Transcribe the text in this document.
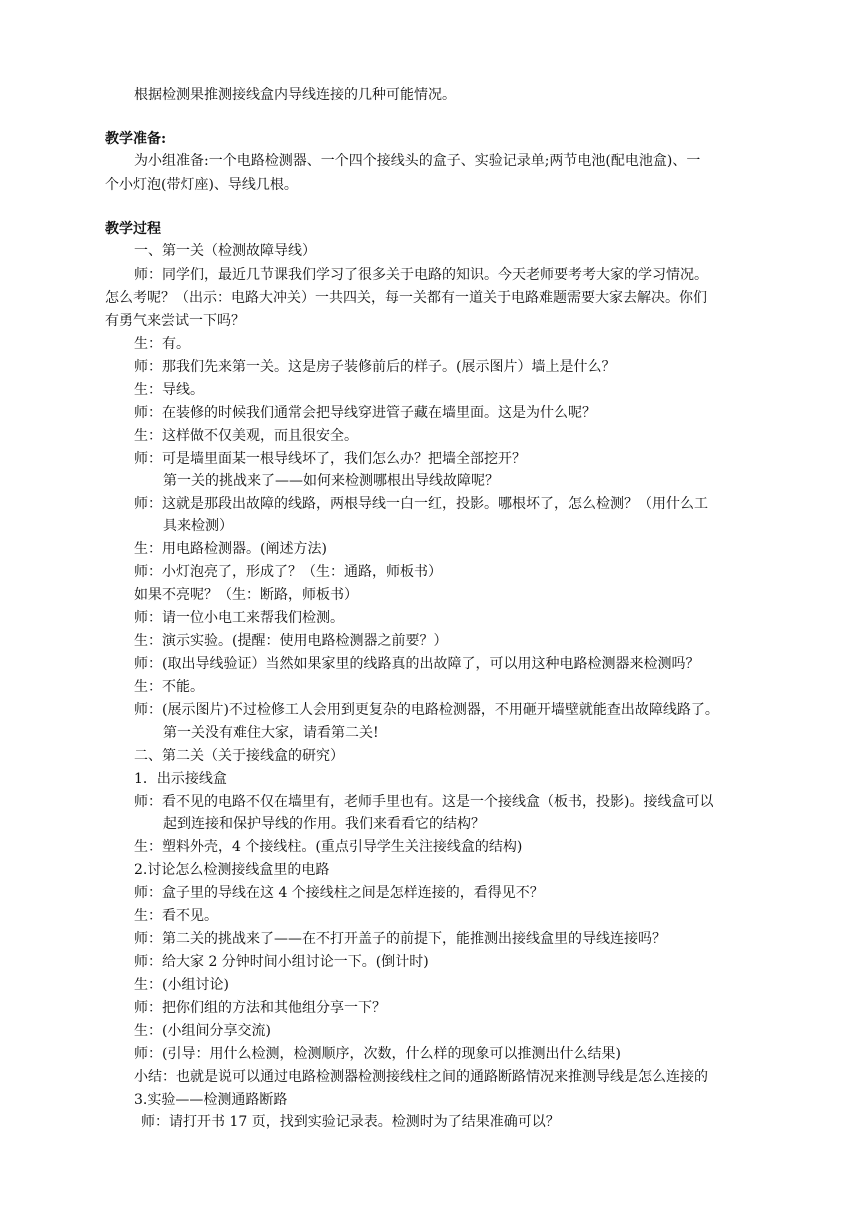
根据检测果推测接线盒内导线连接的几种可能情况。
教学准备:
为小组准备:一个电路检测器、一个四个接线头的盒子、实验记录单;两节电池(配电池盒)、一
个小灯泡(带灯座)、导线几根。
教学过程
一、第一关（检测故障导线）
师：同学们，最近几节课我们学习了很多关于电路的知识。今天老师要考考大家的学习情况。
怎么考呢？（出示：电路大冲关）一共四关，每一关都有一道关于电路难题需要大家去解决。你们
有勇气来尝试一下吗？
生：有。
师：那我们先来第一关。这是房子装修前后的样子。(展示图片）墙上是什么？
生：导线。
师：在装修的时候我们通常会把导线穿进管子藏在墙里面。这是为什么呢？
生：这样做不仅美观，而且很安全。
师：可是墙里面某一根导线坏了，我们怎么办？把墙全部挖开？
第一关的挑战来了——如何来检测哪根出导线故障呢？
师：这就是那段出故障的线路，两根导线一白一红，投影。哪根坏了，怎么检测？（用什么工
具来检测）
生：用电路检测器。(阐述方法)
师：小灯泡亮了，形成了？（生：通路，师板书）
如果不亮呢？（生：断路，师板书）
师：请一位小电工来帮我们检测。
生：演示实验。(提醒：使用电路检测器之前要？）
师：(取出导线验证）当然如果家里的线路真的出故障了，可以用这种电路检测器来检测吗？
生：不能。
师：(展示图片)不过检修工人会用到更复杂的电路检测器，不用砸开墙壁就能查出故障线路了。
第一关没有难住大家，请看第二关!
二、第二关（关于接线盒的研究）
1．出示接线盒
师：看不见的电路不仅在墙里有，老师手里也有。这是一个接线盒（板书，投影)。接线盒可以
起到连接和保护导线的作用。我们来看看它的结构？
生：塑料外壳，4 个接线柱。(重点引导学生关注接线盒的结构)
2.讨论怎么检测接线盒里的电路
师：盒子里的导线在这 4 个接线柱之间是怎样连接的，看得见不？
生：看不见。
师：第二关的挑战来了——在不打开盖子的前提下，能推测出接线盒里的导线连接吗？
师：给大家 2 分钟时间小组讨论一下。(倒计时)
生：(小组讨论)
师：把你们组的方法和其他组分享一下？
生：(小组间分享交流)
师：(引导：用什么检测，检测顺序，次数，什么样的现象可以推测出什么结果)
小结：也就是说可以通过电路检测器检测接线柱之间的通路断路情况来推测导线是怎么连接的
3.实验——检测通路断路
师：请打开书 17 页，找到实验记录表。检测时为了结果准确可以？
